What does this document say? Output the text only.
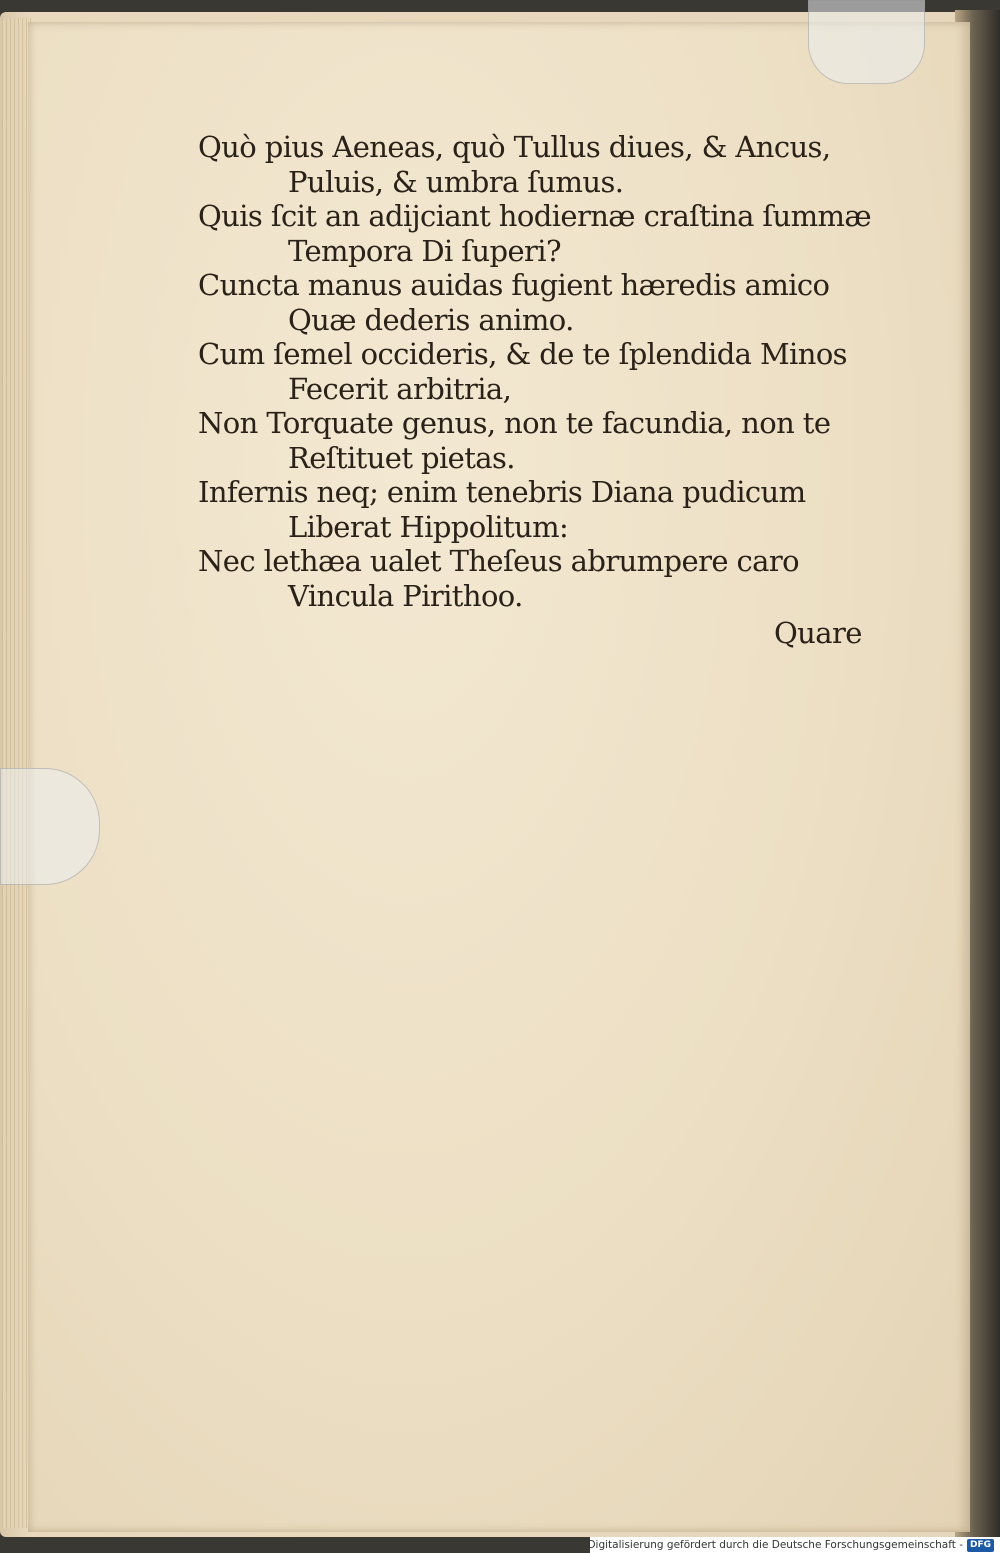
Quò pius Aeneas, quò Tullus diues, & Ancus,

Puluis, & umbra ſumus.

Quis ſcit an adijciant hodiernæ craſtina ſummæ

Tempora Di ſuperi?

Cuncta manus auidas fugient hæredis amico

Quæ dederis animo.

Cum ſemel occideris, & de te ſplendida Minos

Fecerit arbitria,

Non Torquate genus, non te facundia, non te

Reſtituet pietas.

Infernis neq; enim tenebris Diana pudicum

Liberat Hippolitum:

Nec lethæa ualet Theſeus abrumpere caro

Vincula Pirithoo.

Quare
Digitalisierung gefördert durch die Deutsche Forschungsgemeinschaft - DFG
